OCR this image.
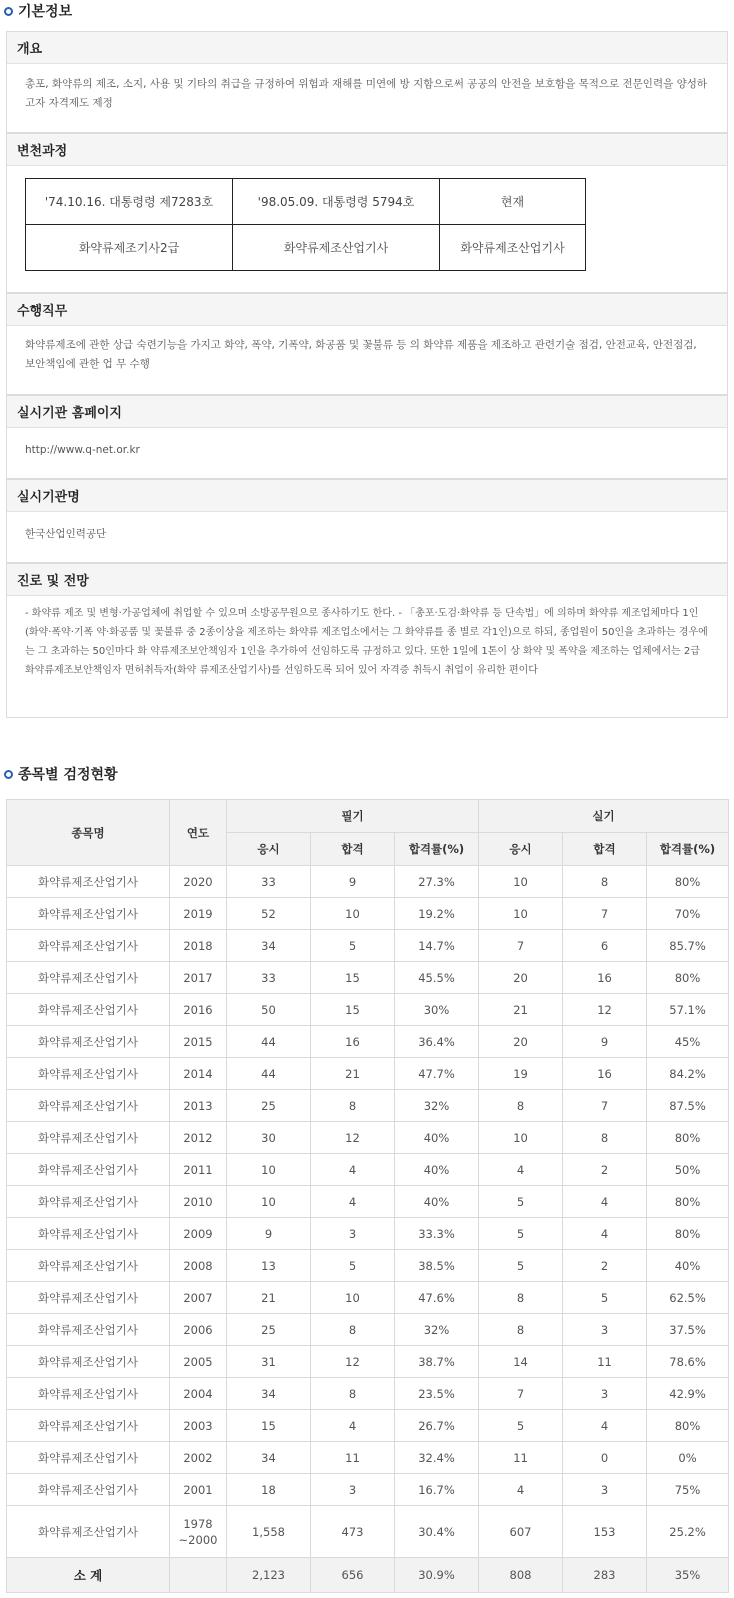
기본정보
개요
총포, 화약류의 제조, 소지, 사용 및 기타의 취급을 규정하여 위험과 재해를 미연에 방 지함으로써 공공의 안전을 보호함을 목적으로 전문인력을 양성하고자 자격제도 제정
변천과정
'74.10.16. 대통령령 제7283호	'98.05.09. 대통령령 5794호	현재
화약류제조기사2급	화약류제조산업기사	화약류제조산업기사
수행직무
화약류제조에 관한 상급 숙련기능을 가지고 화약, 폭약, 기폭약, 화공품 및 꽃불류 등 의 화약류 제품을 제조하고 관련기술 점검, 안전교육, 안전점검, 보안책임에 관한 업 무 수행
실시기관 홈페이지
http://www.q-net.or.kr
실시기관명
한국산업인력공단
진로 및 전망
- 화약류 제조 및 변형·가공업체에 취업할 수 있으며 소방공무원으로 종사하기도 한다. - 「총포·도검·화약류 등 단속법」에 의하며 화약류 제조업체마다 1인(화약·폭약·기폭 약·화공품 및 꽃불류 중 2종이상을 제조하는 화약류 제조업소에서는 그 화약류를 종 별로 각1인)으로 하되, 종업원이 50인을 초과하는 경우에는 그 초과하는 50인마다 화 약류제조보안책임자 1인을 추가하여 선임하도록 규정하고 있다. 또한 1일에 1톤이 상 화약 및 폭약을 제조하는 업체에서는 2급 화약류제조보안책임자 면허취득자(화약 류제조산업기사)를 선임하도록 되어 있어 자격증 취득시 취업이 유리한 편이다
종목별 검정현황
종목명	연도	필기			실기		
		응시	합격	합격률(%)	응시	합격	합격률(%)
화약류제조산업기사	2020	33	9	27.3%	10	8	80%
화약류제조산업기사	2019	52	10	19.2%	10	7	70%
화약류제조산업기사	2018	34	5	14.7%	7	6	85.7%
화약류제조산업기사	2017	33	15	45.5%	20	16	80%
화약류제조산업기사	2016	50	15	30%	21	12	57.1%
화약류제조산업기사	2015	44	16	36.4%	20	9	45%
화약류제조산업기사	2014	44	21	47.7%	19	16	84.2%
화약류제조산업기사	2013	25	8	32%	8	7	87.5%
화약류제조산업기사	2012	30	12	40%	10	8	80%
화약류제조산업기사	2011	10	4	40%	4	2	50%
화약류제조산업기사	2010	10	4	40%	5	4	80%
화약류제조산업기사	2009	9	3	33.3%	5	4	80%
화약류제조산업기사	2008	13	5	38.5%	5	2	40%
화약류제조산업기사	2007	21	10	47.6%	8	5	62.5%
화약류제조산업기사	2006	25	8	32%	8	3	37.5%
화약류제조산업기사	2005	31	12	38.7%	14	11	78.6%
화약류제조산업기사	2004	34	8	23.5%	7	3	42.9%
화약류제조산업기사	2003	15	4	26.7%	5	4	80%
화약류제조산업기사	2002	34	11	32.4%	11	0	0%
화약류제조산업기사	2001	18	3	16.7%	4	3	75%
화약류제조산업기사	1978 ~2000	1,558	473	30.4%	607	153	25.2%
소 계		2,123	656	30.9%	808	283	35%
